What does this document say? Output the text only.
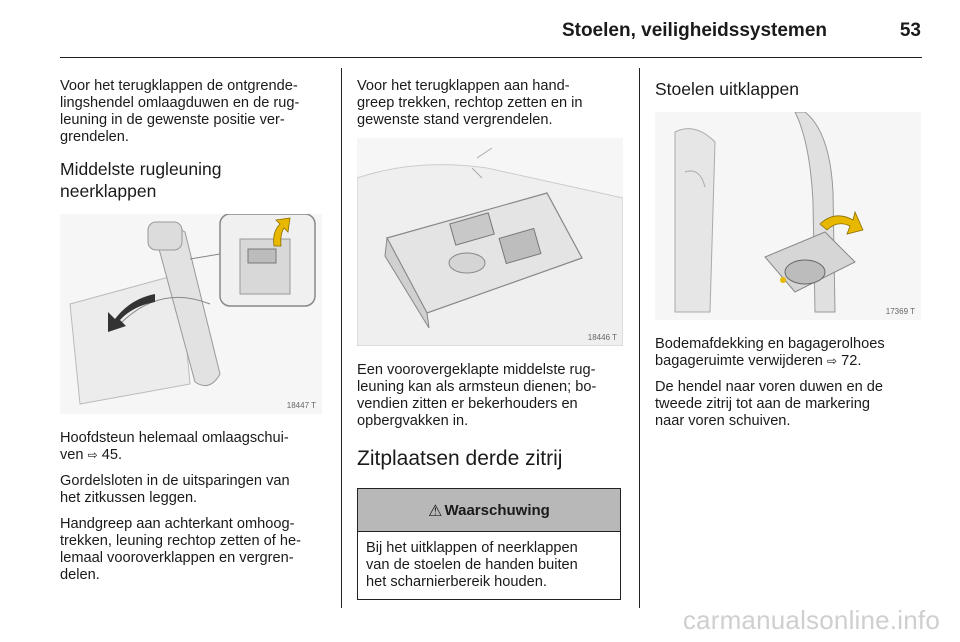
Stoelen, veiligheidssystemen	53

Voor het terugklappen de ontgrende-
lingshendel omlaagduwen en de rug-
leuning in de gewenste positie ver-
grendelen.

Middelste rugleuning
neerklappen
18447 T

Hoofdsteun helemaal omlaagschui-
ven ⇨ 45.

Gordelsloten in de uitsparingen van
het zitkussen leggen.

Handgreep aan achterkant omhoog-
trekken, leuning rechtop zetten of he-
lemaal vooroverklappen en vergren-
delen.

Voor het terugklappen aan hand-
greep trekken, rechtop zetten en in
gewenste stand vergrendelen.

18446 T

Een voorovergeklapte middelste rug-
leuning kan als armsteun dienen; bo-
vendien zitten er bekerhouders en
opbergvakken in.

Zitplaatsen derde zitrij
⚠ Waarschuwing

Bij het uitklappen of neerklappen
van de stoelen de handen buiten
het scharnierbereik houden.

Stoelen uitklappen
17369 T

Bodemafdekking en bagagerolhoes
bagageruimte verwijderen ⇨ 72.

De hendel naar voren duwen en de
tweede zitrij tot aan de markering
naar voren schuiven.

carmanualsonline.info
